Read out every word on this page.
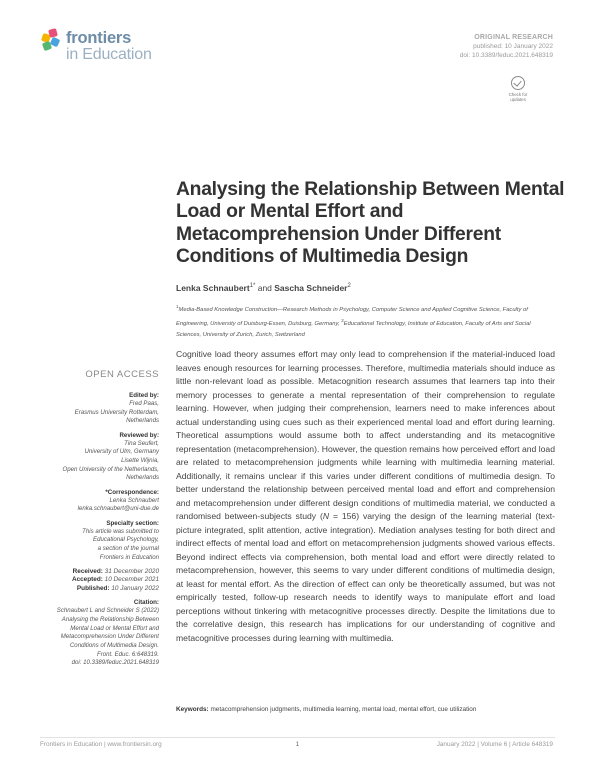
frontiers
in Education
ORIGINAL RESEARCH
published: 10 January 2022
doi: 10.3389/feduc.2021.648319
Check for
updates
Analysing the Relationship Between Mental Load or Mental Effort and Metacomprehension Under Different Conditions of Multimedia Design
Lenka Schnaubert$^{1*}$ and Sascha Schneider$^2$
$^1$Media-Based Knowledge Construction—Research Methods in Psychology, Computer Science and Applied Cognitive Science, Faculty of Engineering, University of Duisburg-Essen, Duisburg, Germany, $^2$Educational Technology, Institute of Education, Faculty of Arts and Social Sciences, University of Zurich, Zurich, Switzerland
OPEN ACCESS
Edited by:
Fred Paas,
Erasmus University Rotterdam,
Netherlands
Reviewed by:
Tina Seufert,
University of Ulm, Germany
Lisette Wijnia,
Open University of the Netherlands,
Netherlands
*Correspondence:
Lenka Schnaubert
lenka.schnaubert@uni-due.de
Specialty section:
This article was submitted to
Educational Psychology,
a section of the journal
Frontiers in Education
Received: 31 December 2020
Accepted: 10 December 2021
Published: 10 January 2022
Citation:
Schnaubert L and Schneider S (2022)
Analysing the Relationship Between
Mental Load or Mental Effort and
Metacomprehension Under Different
Conditions of Multimedia Design.
Front. Educ. 6:648319.
doi: 10.3389/feduc.2021.648319

Cognitive load theory assumes effort may only lead to comprehension if the material-induced load leaves enough resources for learning processes. Therefore, multimedia materials should induce as little non-relevant load as possible. Metacognition research assumes that learners tap into their memory processes to generate a mental representation of their comprehension to regulate learning. However, when judging their comprehension, learners need to make inferences about actual understanding using cues such as their experienced mental load and effort during learning. Theoretical assumptions would assume both to affect understanding and its metacognitive representation (metacomprehension). However, the question remains how perceived effort and load are related to metacomprehension judgments while learning with multimedia learning material. Additionally, it remains unclear if this varies under different conditions of multimedia design. To better understand the relationship between perceived mental load and effort and comprehension and metacomprehension under different design conditions of multimedia material, we conducted a randomised between-subjects study (N = 156) varying the design of the learning material (text-picture integrated, split attention, active integration). Mediation analyses testing for both direct and indirect effects of mental load and effort on metacomprehension judgments showed various effects. Beyond indirect effects via comprehension, both mental load and effort were directly related to metacomprehension, however, this seems to vary under different conditions of multimedia design, at least for mental effort. As the direction of effect can only be theoretically assumed, but was not empirically tested, follow-up research needs to identify ways to manipulate effort and load perceptions without tinkering with metacognitive processes directly. Despite the limitations due to the correlative design, this research has implications for our understanding of cognitive and metacognitive processes during learning with multimedia.

Keywords: metacomprehension judgments, multimedia learning, mental load, mental effort, cue utilization
Frontiers in Education | www.frontiersin.org	1	January 2022 | Volume 6 | Article 648319
